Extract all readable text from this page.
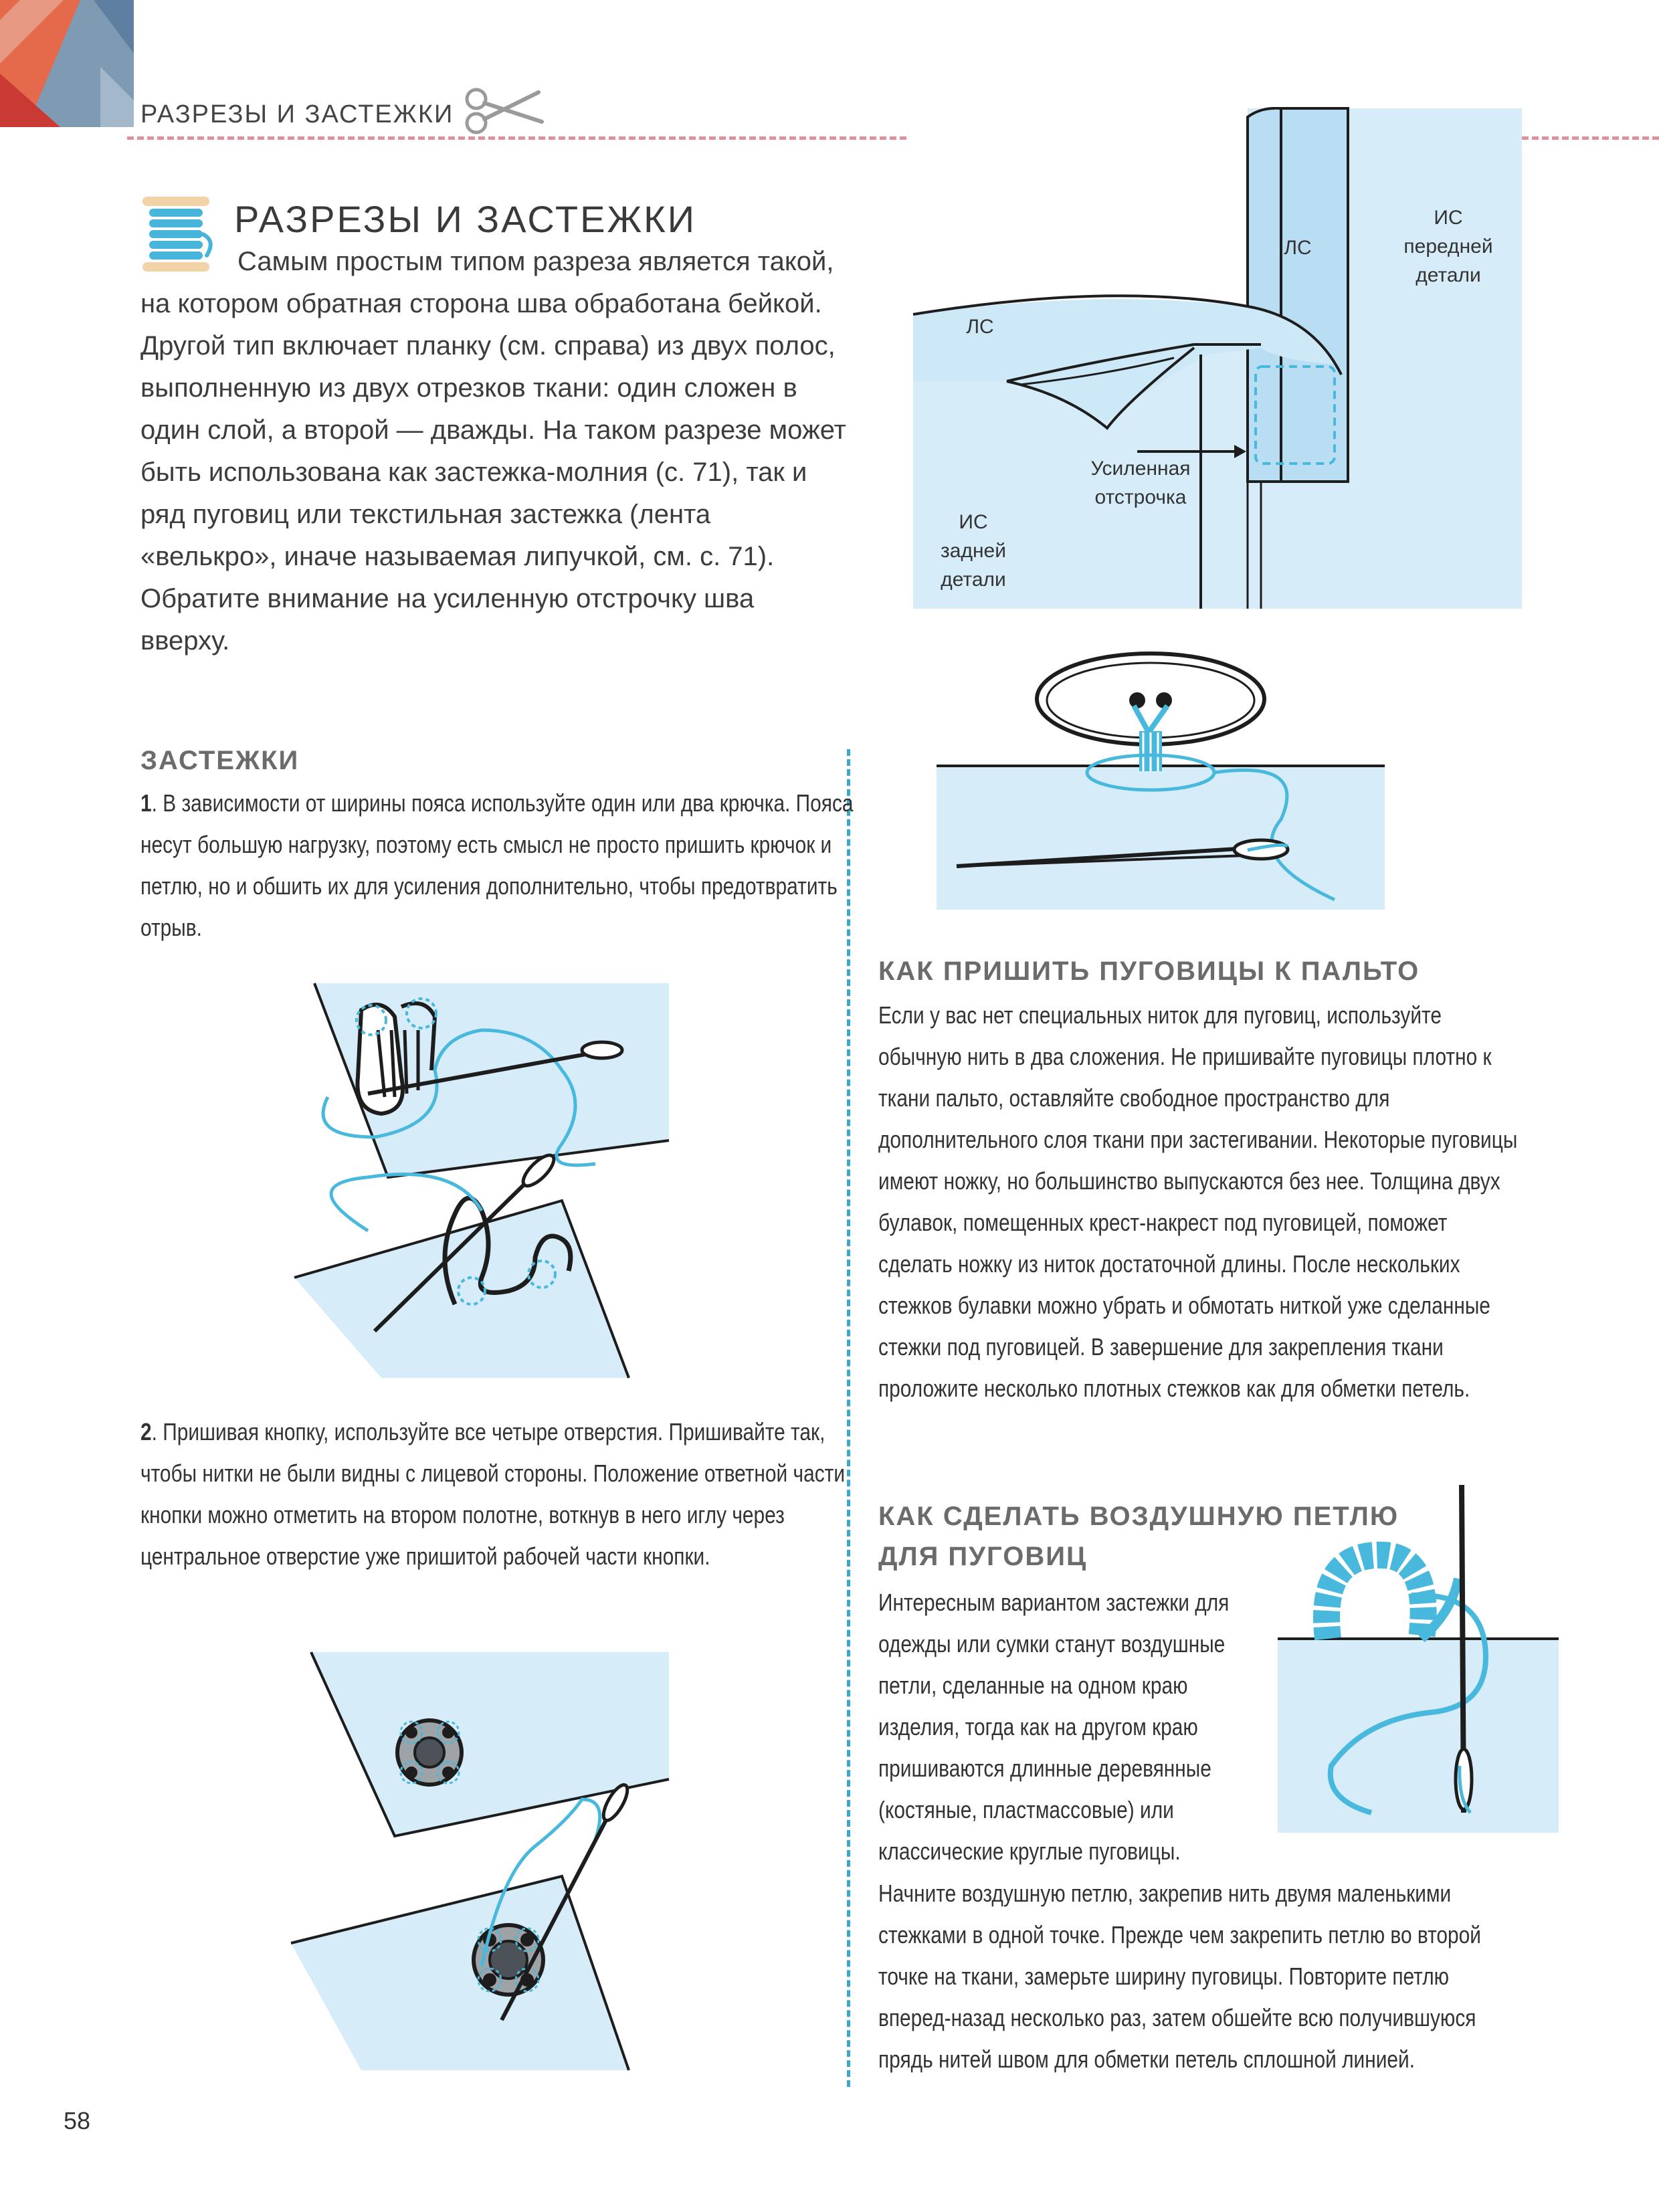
РАЗРЕЗЫ И ЗАСТЕЖКИ
РАЗРЕЗЫ И ЗАСТЕЖКИ
Самым простым типом разреза является такой, на котором обратная сторона шва обработана бейкой. Другой тип включает планку (см. справа) из двух полос, выполненную из двух отрезков ткани: один сложен в один слой, а второй — дважды. На таком разрезе может быть использована как застежка-молния (с. 71), так и ряд пуговиц или текстильная застежка (лента «велькро», иначе называемая липучкой, см. с. 71). Обратите внимание на усиленную отстрочку шва вверху.
ЛС
ЛС
ИС
передней
детали
ИС
задней
детали
Усиленная
отстрочка
ЗАСТЕЖКИ
1. В зависимости от ширины пояса используйте один или два крючка. Пояса несут большую нагрузку, поэтому есть смысл не просто пришить крючок и петлю, но и обшить их для усиления дополнительно, чтобы предотвратить отрыв.
2. Пришивая кнопку, используйте все четыре отверстия. Пришивайте так, чтобы нитки не были видны с лицевой стороны. Положение ответной части кнопки можно отметить на втором полотне, воткнув в него иглу через центральное отверстие уже пришитой рабочей части кнопки.
КАК ПРИШИТЬ ПУГОВИЦЫ К ПАЛЬТО
Если у вас нет специальных ниток для пуговиц, используйте обычную нить в два сложения. Не пришивайте пуговицы плотно к ткани пальто, оставляйте свободное пространство для дополнительного слоя ткани при застегивании. Некоторые пуговицы имеют ножку, но большинство выпускаются без нее. Толщина двух булавок, помещенных крест-накрест под пуговицей, поможет сделать ножку из ниток достаточной длины. После нескольких стежков булавки можно убрать и обмотать ниткой уже сделанные стежки под пуговицей. В завершение для закрепления ткани проложите несколько плотных стежков как для обметки петель.
КАК СДЕЛАТЬ ВОЗДУШНУЮ ПЕТЛЮ
ДЛЯ ПУГОВИЦ
Интересным вариантом застежки для
одежды или сумки станут воздушные
петли, сделанные на одном краю
изделия, тогда как на другом краю
пришиваются длинные деревянные
(костяные, пластмассовые) или
классические круглые пуговицы.
Начните воздушную петлю, закрепив нить двумя маленькими стежками в одной точке. Прежде чем закрепить петлю во второй точке на ткани, замерьте ширину пуговицы. Повторите петлю вперед-назад несколько раз, затем обшейте всю получившуюся прядь нитей швом для обметки петель сплошной линией.
58
